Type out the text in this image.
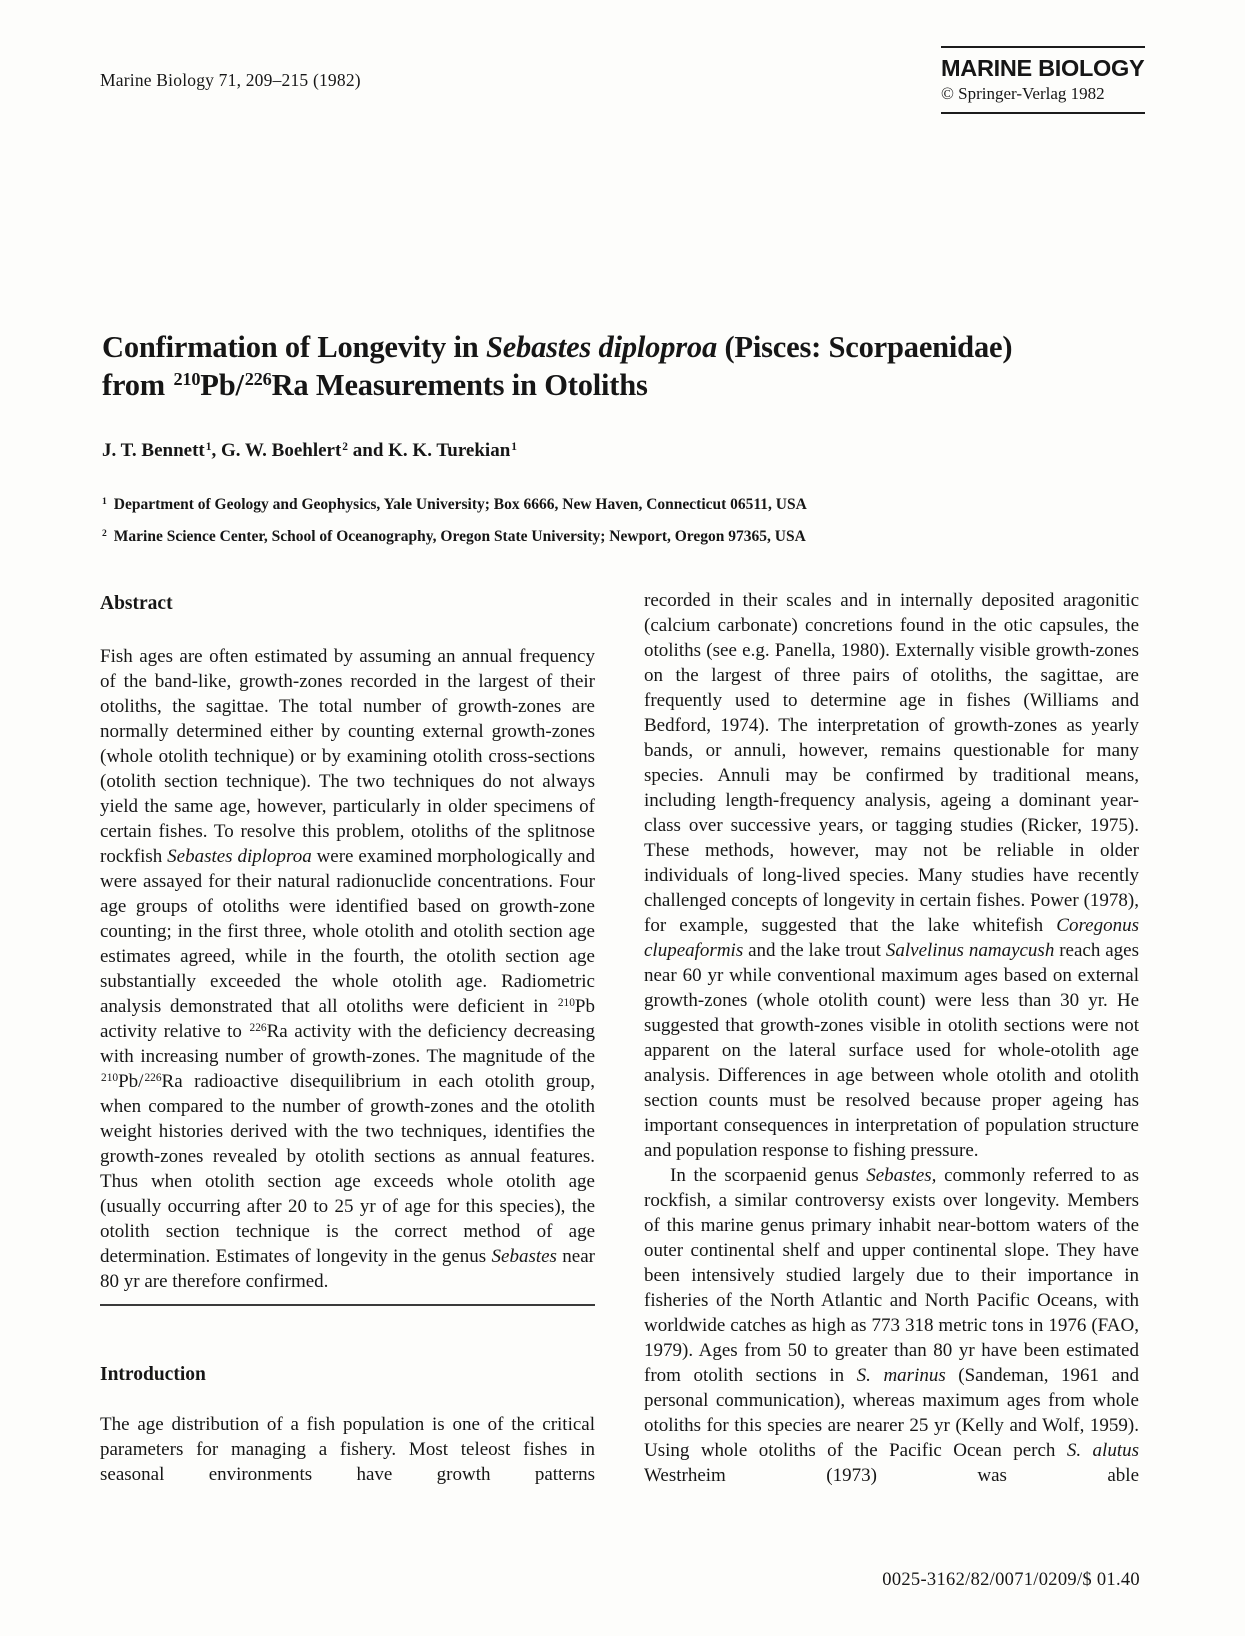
Marine Biology 71, 209–215 (1982)	MARINE BIOLOGY
© Springer-Verlag 1982
Confirmation of Longevity in Sebastes diploproa (Pisces: Scorpaenidae)
from $^{210}$Pb/$^{226}$Ra Measurements in Otoliths
J. T. Bennett$^1$, G. W. Boehlert$^2$ and K. K. Turekian$^1$
$^1$ Department of Geology and Geophysics, Yale University; Box 6666, New Haven, Connecticut 06511, USA
$^2$ Marine Science Center, School of Oceanography, Oregon State University; Newport, Oregon 97365, USA
Abstract

Fish ages are often estimated by assuming an annual frequency of the band-like, growth-zones recorded in the largest of their otoliths, the sagittae. The total number of growth-zones are normally determined either by counting external growth-zones (whole otolith technique) or by examining otolith cross-sections (otolith section technique). The two techniques do not always yield the same age, however, particularly in older specimens of certain fishes. To resolve this problem, otoliths of the splitnose rockfish Sebastes diploproa were examined morphologically and were assayed for their natural radionuclide concentrations. Four age groups of otoliths were identified based on growth-zone counting; in the first three, whole otolith and otolith section age estimates agreed, while in the fourth, the otolith section age substantially exceeded the whole otolith age. Radiometric analysis demonstrated that all otoliths were deficient in $^{210}$Pb activity relative to $^{226}$Ra activity with the deficiency decreasing with increasing number of growth-zones. The magnitude of the $^{210}$Pb/$^{226}$Ra radioactive disequilibrium in each otolith group, when compared to the number of growth-zones and the otolith weight histories derived with the two techniques, identifies the growth-zones revealed by otolith sections as annual features. Thus when otolith section age exceeds whole otolith age (usually occurring after 20 to 25 yr of age for this species), the otolith section technique is the correct method of age determination. Estimates of longevity in the genus Sebastes near 80 yr are therefore confirmed.

Introduction

The age distribution of a fish population is one of the critical parameters for managing a fishery. Most teleost fishes in seasonal environments have growth patterns

recorded in their scales and in internally deposited aragonitic (calcium carbonate) concretions found in the otic capsules, the otoliths (see e.g. Panella, 1980). Externally visible growth-zones on the largest of three pairs of otoliths, the sagittae, are frequently used to determine age in fishes (Williams and Bedford, 1974). The interpretation of growth-zones as yearly bands, or annuli, however, remains questionable for many species. Annuli may be confirmed by traditional means, including length-frequency analysis, ageing a dominant year-class over successive years, or tagging studies (Ricker, 1975). These methods, however, may not be reliable in older individuals of long-lived species. Many studies have recently challenged concepts of longevity in certain fishes. Power (1978), for example, suggested that the lake whitefish Coregonus clupeaformis and the lake trout Salvelinus namaycush reach ages near 60 yr while conventional maximum ages based on external growth-zones (whole otolith count) were less than 30 yr. He suggested that growth-zones visible in otolith sections were not apparent on the lateral surface used for whole-otolith age analysis. Differences in age between whole otolith and otolith section counts must be resolved because proper ageing has important consequences in interpretation of population structure and population response to fishing pressure.

In the scorpaenid genus Sebastes, commonly referred to as rockfish, a similar controversy exists over longevity. Members of this marine genus primary inhabit near-bottom waters of the outer continental shelf and upper continental slope. They have been intensively studied largely due to their importance in fisheries of the North Atlantic and North Pacific Oceans, with worldwide catches as high as 773 318 metric tons in 1976 (FAO, 1979). Ages from 50 to greater than 80 yr have been estimated from otolith sections in S. marinus (Sandeman, 1961 and personal communication), whereas maximum ages from whole otoliths for this species are nearer 25 yr (Kelly and Wolf, 1959). Using whole otoliths of the Pacific Ocean perch S. alutus Westrheim (1973) was able

0025-3162/82/0071/0209/$ 01.40
